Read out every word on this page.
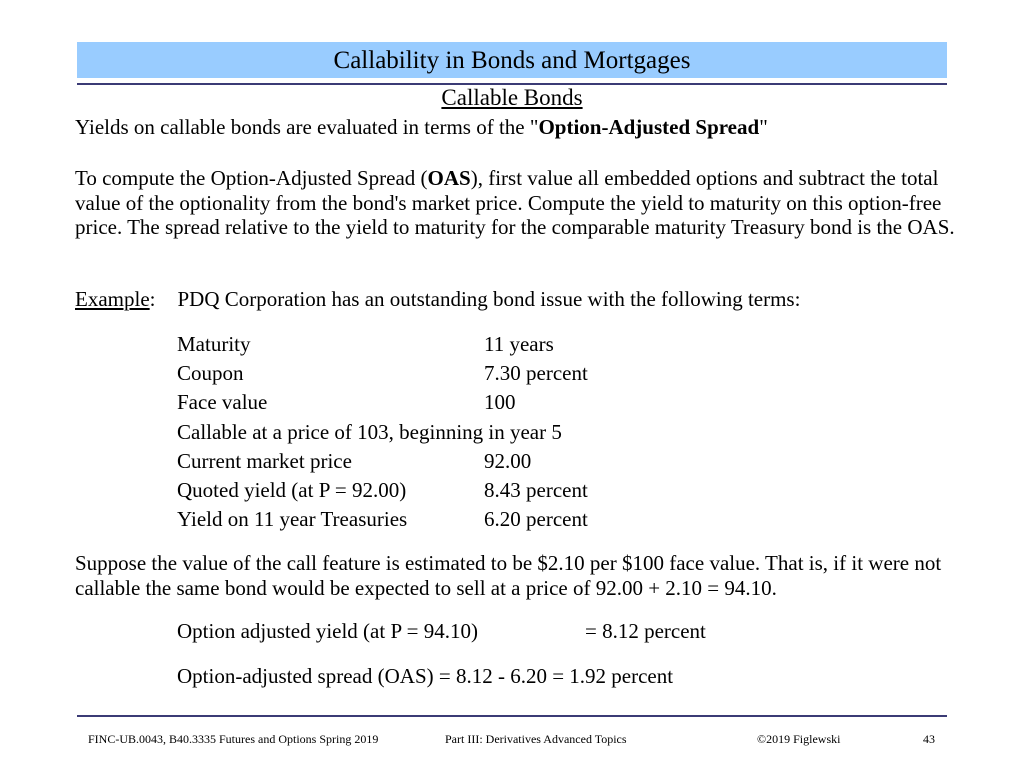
Callability in Bonds and Mortgages
Callable Bonds
Yields on callable bonds are evaluated in terms of the "Option-Adjusted Spread"
To compute the Option-Adjusted Spread (OAS), first value all embedded options and subtract the total value of the optionality from the bond's market price. Compute the yield to maturity on this option-free price. The spread relative to the yield to maturity for the comparable maturity Treasury bond is the OAS.
Example: PDQ Corporation has an outstanding bond issue with the following terms:
Maturity	11 years
Coupon	7.30 percent
Face value	100
Callable at a price of 103, beginning in year 5
Current market price	92.00
Quoted yield (at P = 92.00)	8.43 percent
Yield on 11 year Treasuries	6.20 percent
Suppose the value of the call feature is estimated to be $2.10 per $100 face value. That is, if it were not callable the same bond would be expected to sell at a price of 92.00 + 2.10 = 94.10.
Option adjusted yield (at P = 94.10)	= 8.12 percent
Option-adjusted spread (OAS) = 8.12 - 6.20 = 1.92 percent
FINC-UB.0043, B40.3335 Futures and Options Spring 2019	Part III: Derivatives Advanced Topics	©2019 Figlewski	43
